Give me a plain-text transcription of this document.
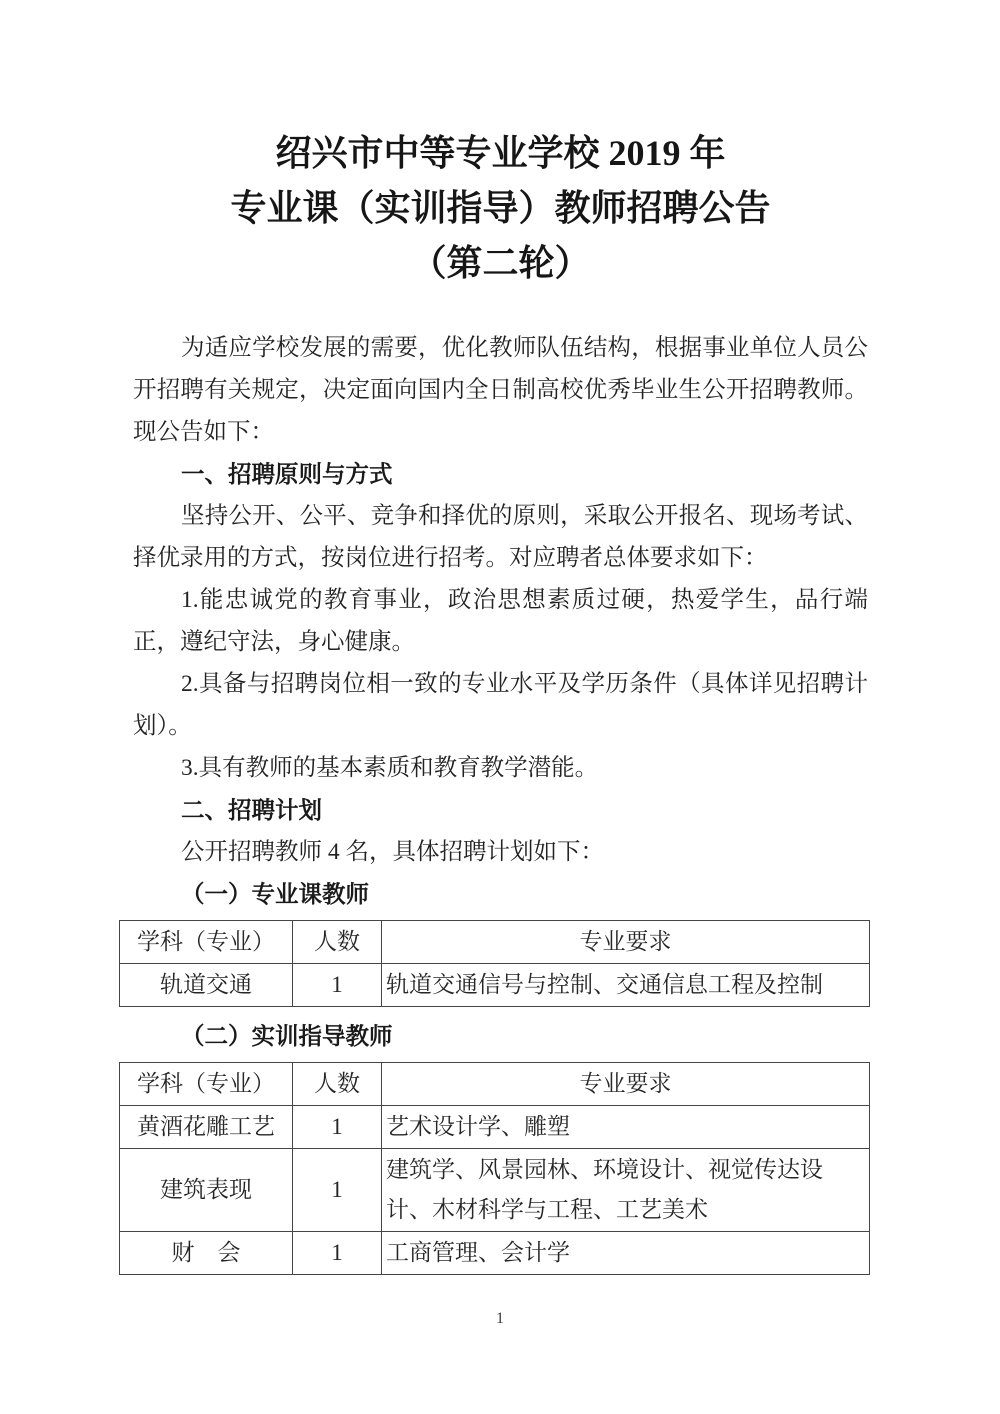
绍兴市中等专业学校 2019 年
专业课（实训指导）教师招聘公告
（第二轮）

为适应学校发展的需要，优化教师队伍结构，根据事业单位人员公开招聘有关规定，决定面向国内全日制高校优秀毕业生公开招聘教师。现公告如下：

一、招聘原则与方式

坚持公开、公平、竞争和择优的原则，采取公开报名、现场考试、择优录用的方式，按岗位进行招考。对应聘者总体要求如下：

1.能忠诚党的教育事业，政治思想素质过硬，热爱学生，品行端正，遵纪守法，身心健康。

2.具备与招聘岗位相一致的专业水平及学历条件（具体详见招聘计划）。

3.具有教师的基本素质和教育教学潜能。

二、招聘计划

公开招聘教师 4 名，具体招聘计划如下：

（一）专业课教师
学科（专业）	人数	专业要求
轨道交通	1	轨道交通信号与控制、交通信息工程及控制
（二）实训指导教师
学科（专业）	人数	专业要求
黄酒花雕工艺	1	艺术设计学、雕塑
建筑表现	1	建筑学、风景园林、环境设计、视觉传达设计、木材科学与工程、工艺美术
财　会	1	工商管理、会计学
1
